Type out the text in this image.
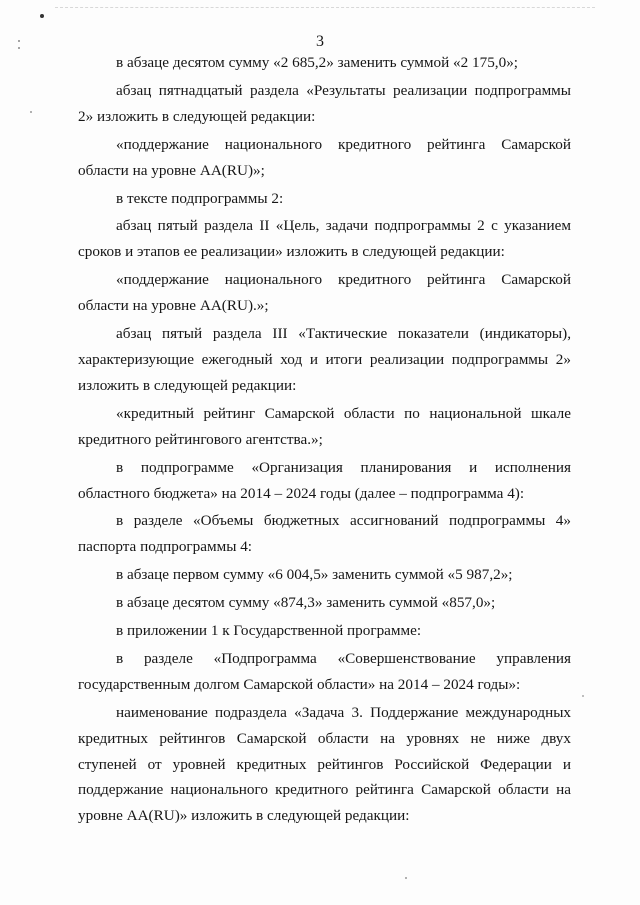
3

в абзаце десятом сумму «2 685,2» заменить суммой «2 175,0»;

абзац пятнадцатый раздела «Результаты реализации подпрограммы 2» изложить в следующей редакции:

«поддержание национального кредитного рейтинга Самарской области на уровне AA(RU)»;

в тексте подпрограммы 2:

абзац пятый раздела II «Цель, задачи подпрограммы 2 с указанием сроков и этапов ее реализации» изложить в следующей редакции:

«поддержание национального кредитного рейтинга Самарской области на уровне AA(RU).»;

абзац пятый раздела III «Тактические показатели (индикаторы), характеризующие ежегодный ход и итоги реализации подпрограммы 2» изложить в следующей редакции:

«кредитный рейтинг Самарской области по национальной шкале кредитного рейтингового агентства.»;

в подпрограмме «Организация планирования и исполнения областного бюджета» на 2014 – 2024 годы (далее – подпрограмма 4):

в разделе «Объемы бюджетных ассигнований подпрограммы 4» паспорта подпрограммы 4:

в абзаце первом сумму «6 004,5» заменить суммой «5 987,2»;

в абзаце десятом сумму «874,3» заменить суммой «857,0»;

в приложении 1 к Государственной программе:

в разделе «Подпрограмма «Совершенствование управления государственным долгом Самарской области» на 2014 – 2024 годы»:

наименование подраздела «Задача 3. Поддержание международных кредитных рейтингов Самарской области на уровнях не ниже двух ступеней от уровней кредитных рейтингов Российской Федерации и поддержание национального кредитного рейтинга Самарской области на уровне AA(RU)» изложить в следующей редакции:
